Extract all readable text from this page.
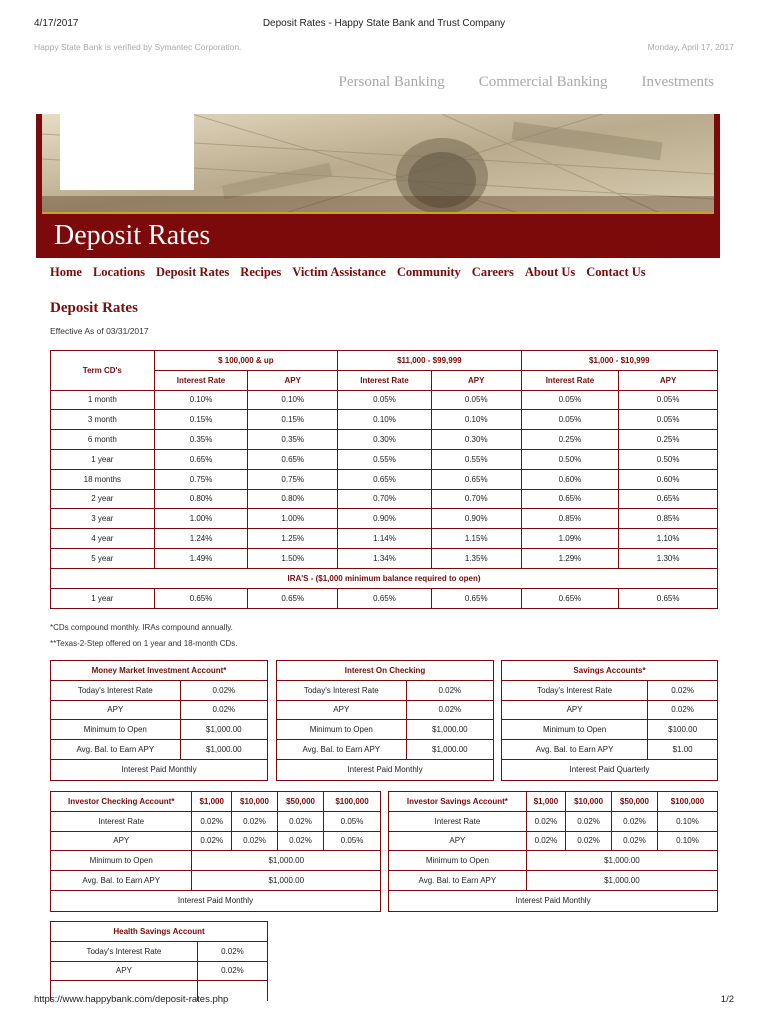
4/17/2017	Deposit Rates - Happy State Bank and Trust Company
Happy State Bank is verified by Symantec Corporation.	Monday, April 17, 2017
Personal Banking Commercial Banking Investments
Deposit Rates
Home Locations Deposit Rates Recipes Victim Assistance Community Careers About Us Contact Us
Deposit Rates
Effective As of 03/31/2017
Term CD's	$ 100,000 & up		$11,000 - $99,999		$1,000 - $10,999	
	Interest Rate	APY	Interest Rate	APY	Interest Rate	APY
1 month	0.10%	0.10%	0.05%	0.05%	0.05%	0.05%
3 month	0.15%	0.15%	0.10%	0.10%	0.05%	0.05%
6 month	0.35%	0.35%	0.30%	0.30%	0.25%	0.25%
1 year	0.65%	0.65%	0.55%	0.55%	0.50%	0.50%
18 months	0.75%	0.75%	0.65%	0.65%	0.60%	0.60%
2 year	0.80%	0.80%	0.70%	0.70%	0.65%	0.65%
3 year	1.00%	1.00%	0.90%	0.90%	0.85%	0.85%
4 year	1.24%	1.25%	1.14%	1.15%	1.09%	1.10%
5 year	1.49%	1.50%	1.34%	1.35%	1.29%	1.30%
IRA'S - ($1,000 minimum balance required to open)						
1 year	0.65%	0.65%	0.65%	0.65%	0.65%	0.65%
*CDs compound monthly. IRAs compound annually.
**Texas-2-Step offered on 1 year and 18-month CDs.
Money Market Investment Account*	
Today's Interest Rate	0.02%
APY	0.02%
Minimum to Open	$1,000.00
Avg. Bal. to Earn APY	$1,000.00
Interest Paid Monthly	
Interest On Checking	
Today's Interest Rate	0.02%
APY	0.02%
Minimum to Open	$1,000.00
Avg. Bal. to Earn APY	$1,000.00
Interest Paid Monthly	
Savings Accounts*	
Today's Interest Rate	0.02%
APY	0.02%
Minimum to Open	$100.00
Avg. Bal. to Earn APY	$1.00
Interest Paid Quarterly	
Investor Checking Account*	$1,000	$10,000	$50,000	$100,000
Interest Rate	0.02%	0.02%	0.02%	0.05%
APY	0.02%	0.02%	0.02%	0.05%
Minimum to Open	$1,000.00			
Avg. Bal. to Earn APY	$1,000.00			
Interest Paid Monthly				
Investor Savings Account*	$1,000	$10,000	$50,000	$100,000
Interest Rate	0.02%	0.02%	0.02%	0.10%
APY	0.02%	0.02%	0.02%	0.10%
Minimum to Open	$1,000.00			
Avg. Bal. to Earn APY	$1,000.00			
Interest Paid Monthly				
Health Savings Account	
Today's Interest Rate	0.02%
APY	0.02%

https://www.happybank.com/deposit-rates.php	1/2
